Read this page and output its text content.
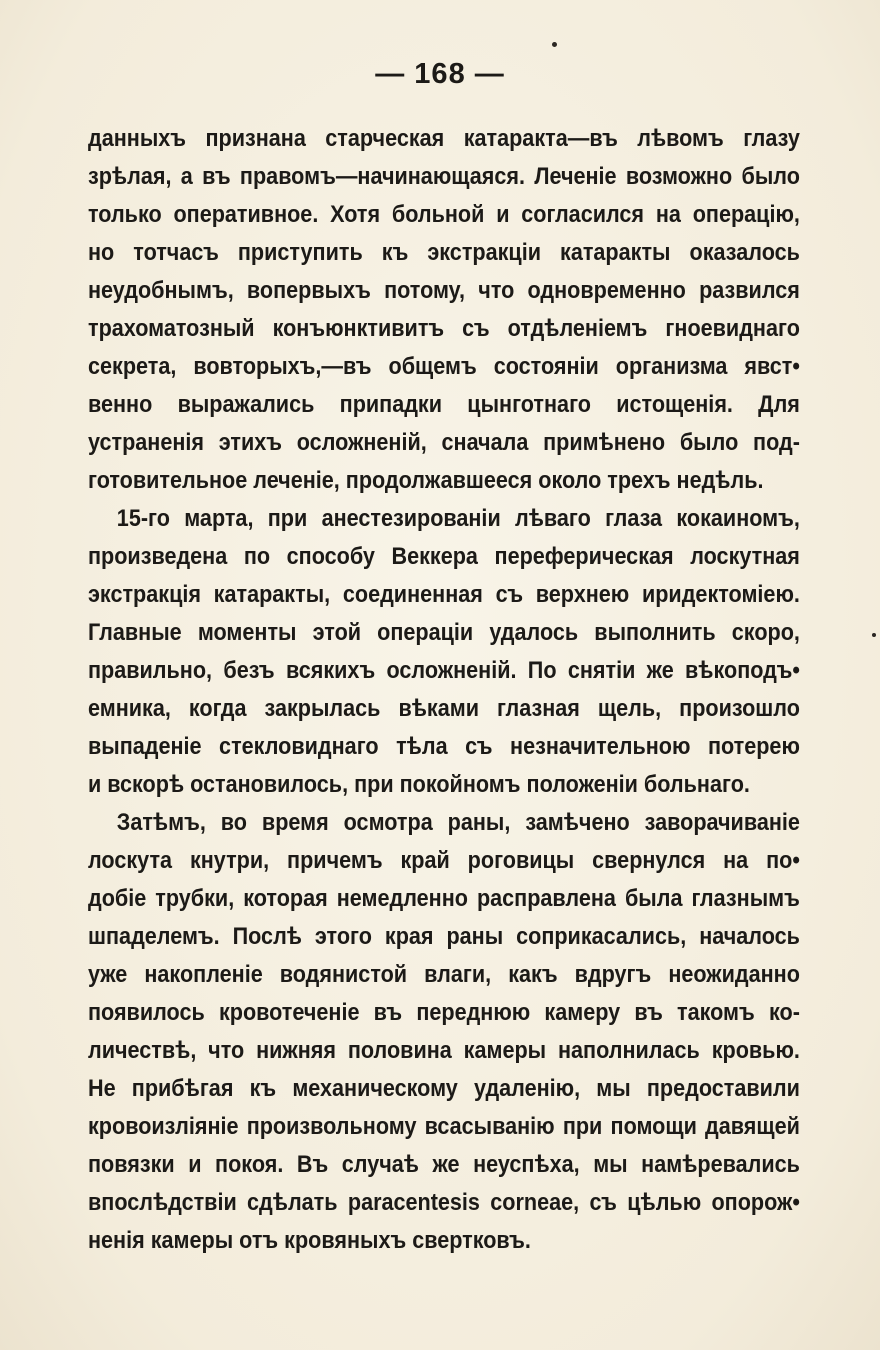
— 168 —
данныхъ признана старческая катаракта—въ лѣвомъ глазу
зрѣлая, а въ правомъ—начинающаяся. Леченіе возможно было
только оперативное. Хотя больной и согласился на операцію,
но тотчасъ приступить къ экстракціи катаракты оказалось
неудобнымъ, вопервыхъ потому, что одновременно развился
трахоматозный конъюнктивитъ съ отдѣленіемъ гноевиднаго
секрета, вовторыхъ,—въ общемъ состояніи организма явст•
венно выражались припадки цынготнаго истощенія. Для
устраненія этихъ осложненій, сначала примѣнено было под-
готовительное леченіе, продолжавшееся около трехъ недѣль.
15-го марта, при анестезированіи лѣваго глаза кокаиномъ,
произведена по способу Веккера переферическая лоскутная
экстракція катаракты, соединенная съ верхнею иридектоміею.
Главные моменты этой операціи удалось выполнить скоро,
правильно, безъ всякихъ осложненій. По снятіи же вѣкоподъ•
емника, когда закрылась вѣками глазная щель, произошло
выпаденіе стекловиднаго тѣла съ незначительною потерею
и вскорѣ остановилось, при покойномъ положеніи больнаго.
Затѣмъ, во время осмотра раны, замѣчено заворачиваніе
лоскута кнутри, причемъ край роговицы свернулся на по•
добіе трубки, которая немедленно расправлена была глазнымъ
шпаделемъ. Послѣ этого края раны соприкасались, началось
уже накопленіе водянистой влаги, какъ вдругъ неожиданно
появилось кровотеченіе въ переднюю камеру въ такомъ ко-
личествѣ, что нижняя половина камеры наполнилась кровью.
Не прибѣгая къ механическому удаленію, мы предоставили
кровоизліяніе произвольному всасыванію при помощи давящей
повязки и покоя. Въ случаѣ же неуспѣха, мы намѣревались
впослѣдствіи сдѣлать paracentesis corneae, съ цѣлью опорож•
ненія камеры отъ кровяныхъ свертковъ.
